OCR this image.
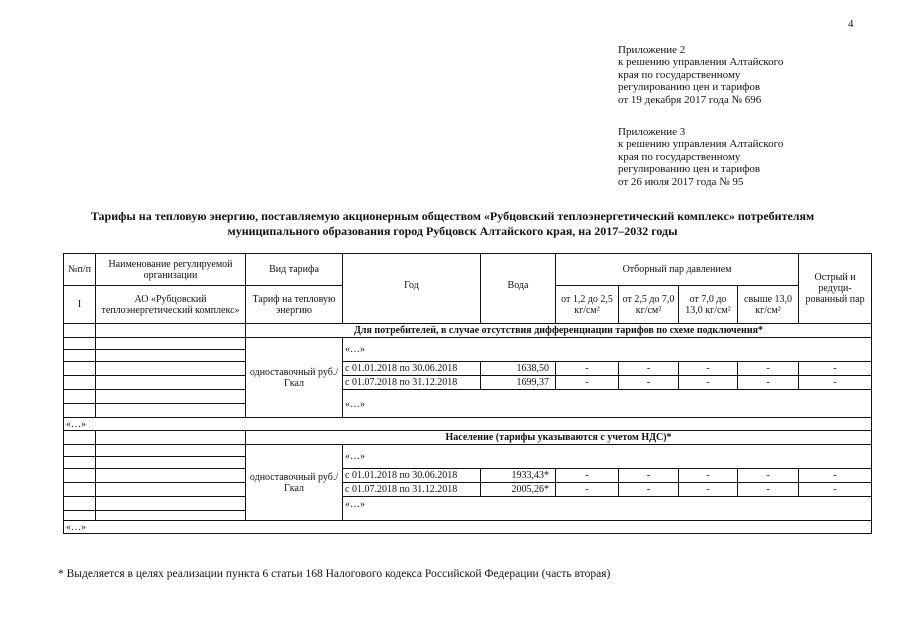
4
Приложение 2
к решению управления Алтайского
края по государственному
регулированию цен и тарифов
от 19 декабря 2017 года № 696
Приложение 3
к решению управления Алтайского
края по государственному
регулированию цен и тарифов
от 26 июля 2017 года № 95
Тарифы на тепловую энергию, поставляемую акционерным обществом «Рубцовский теплоэнергетический комплекс» потребителям
муниципального образования город Рубцовск Алтайского края, на 2017–2032 годы
№п/п	Наименование регулируемой организации	Вид тарифа	Год	Вода	Отборный пар давлением				Острый и редуци-рованный пар
I	АО «Рубцовский теплоэнергетический комплекс»	Тариф на тепловую энергию			от 1,2 до 2,5 кг/см²	от 2,5 до 7,0 кг/см²	от 7,0 до 13,0 кг/см²	свыше 13,0 кг/см²	
		Для потребителей, в случае отсутствия дифференциации тарифов по схеме подключения*							
		одноставочный руб./Гкал	«…»						

			с 01.01.2018 по 30.06.2018	1638,50	-	-	-	-	-
			с 01.07.2018 по 31.12.2018	1699,37	-	-	-	-	-
			«…»						

«…»									
		Население (тарифы указываются с учетом НДС)*							
		одноставочный руб./Гкал	«…»						

			с 01.01.2018 по 30.06.2018	1933,43*	-	-	-	-	-
			с 01.07.2018 по 31.12.2018	2005,26*	-	-	-	-	-
			«…»						

«…»									
* Выделяется в целях реализации пункта 6 статьи 168 Налогового кодекса Российской Федерации (часть вторая)
